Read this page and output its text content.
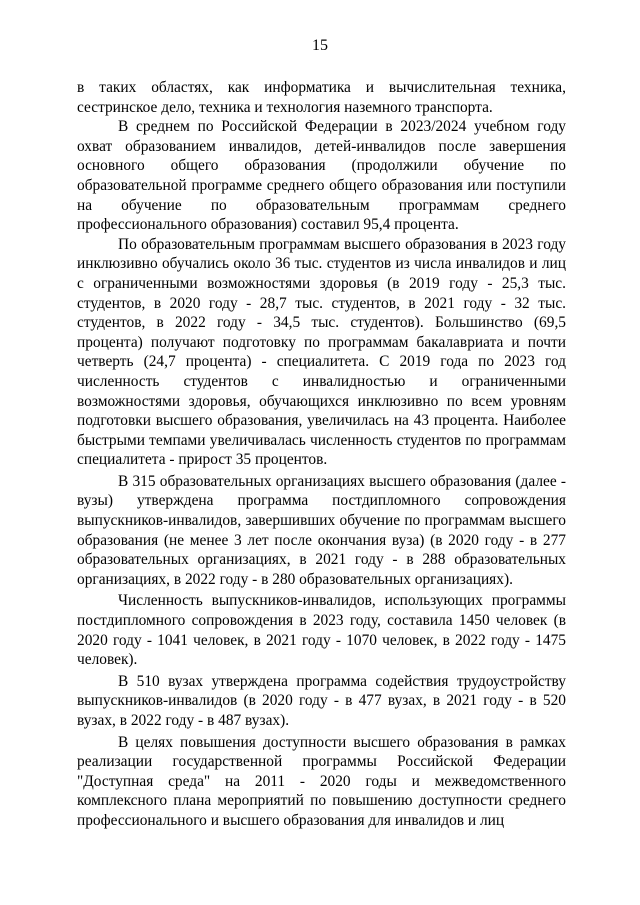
15

в таких областях, как информатика и вычислительная техника, сестринское дело, техника и технология наземного транспорта.

В среднем по Российской Федерации в 2023/2024 учебном году охват образованием инвалидов, детей-инвалидов после завершения основного общего образования (продолжили обучение по образовательной программе среднего общего образования или поступили на обучение по образовательным программам среднего профессионального образования) составил 95,4 процента.

По образовательным программам высшего образования в 2023 году инклюзивно обучались около 36 тыс. студентов из числа инвалидов и лиц с ограниченными возможностями здоровья (в 2019 году - 25,3 тыс. студентов, в 2020 году - 28,7 тыс. студентов, в 2021 году - 32 тыс. студентов, в 2022 году - 34,5 тыс. студентов). Большинство (69,5 процента) получают подготовку по программам бакалавриата и почти четверть (24,7 процента) - специалитета. С 2019 года по 2023 год численность студентов с инвалидностью и ограниченными возможностями здоровья, обучающихся инклюзивно по всем уровням подготовки высшего образования, увеличилась на 43 процента. Наиболее быстрыми темпами увеличивалась численность студентов по программам специалитета - прирост 35 процентов.

В 315 образовательных организациях высшего образования (далее - вузы) утверждена программа постдипломного сопровождения выпускников-инвалидов, завершивших обучение по программам высшего образования (не менее 3 лет после окончания вуза) (в 2020 году - в 277 образовательных организациях, в 2021 году - в 288 образовательных организациях, в 2022 году - в 280 образовательных организациях).

Численность выпускников-инвалидов, использующих программы постдипломного сопровождения в 2023 году, составила 1450 человек (в 2020 году - 1041 человек, в 2021 году - 1070 человек, в 2022 году - 1475 человек).

В 510 вузах утверждена программа содействия трудоустройству выпускников-инвалидов (в 2020 году - в 477 вузах, в 2021 году - в 520 вузах, в 2022 году - в 487 вузах).

В целях повышения доступности высшего образования в рамках реализации государственной программы Российской Федерации "Доступная среда" на 2011 - 2020 годы и межведомственного комплексного плана мероприятий по повышению доступности среднего профессионального и высшего образования для инвалидов и лиц
